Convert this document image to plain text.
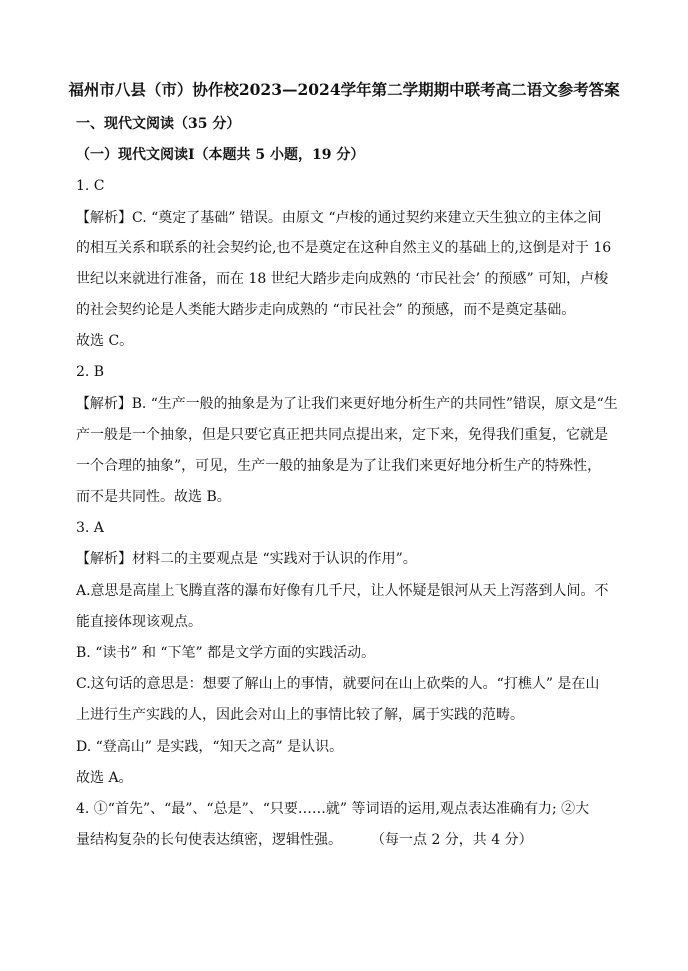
福州市八县（市）协作校2023—2024学年第二学期期中联考高二语文参考答案
一、现代文阅读（35 分）
（一）现代文阅读Ⅰ（本题共 5 小题，19 分）
1. C
【解析】C. “奠定了基础” 错误。由原文 “卢梭的通过契约来建立天生独立的主体之间
的相互关系和联系的社会契约论,也不是奠定在这种自然主义的基础上的,这倒是对于 16
世纪以来就进行准备，而在 18 世纪大踏步走向成熟的 ‘市民社会’ 的预感” 可知，卢梭
的社会契约论是人类能大踏步走向成熟的 “市民社会” 的预感，而不是奠定基础。
故选 C。
2. B
【解析】B. “生产一般的抽象是为了让我们来更好地分析生产的共同性”错误，原文是“生
产一般是一个抽象，但是只要它真正把共同点提出来，定下来，免得我们重复，它就是
一个合理的抽象”，可见，生产一般的抽象是为了让我们来更好地分析生产的特殊性，
而不是共同性。故选 B。
3. A
【解析】材料二的主要观点是 “实践对于认识的作用”。
A.意思是高崖上飞腾直落的瀑布好像有几千尺，让人怀疑是银河从天上泻落到人间。不
能直接体现该观点。
B. “读书” 和 “下笔” 都是文学方面的实践活动。
C.这句话的意思是：想要了解山上的事情，就要问在山上砍柴的人。“打樵人” 是在山
上进行生产实践的人，因此会对山上的事情比较了解，属于实践的范畴。
D. “登高山” 是实践，“知天之高” 是认识。
故选 A。
4. ①“首先”、“最”、“总是”、“只要……就” 等词语的运用,观点表达准确有力; ②大
量结构复杂的长句使表达缜密，逻辑性强。	（每一点 2 分，共 4 分）
